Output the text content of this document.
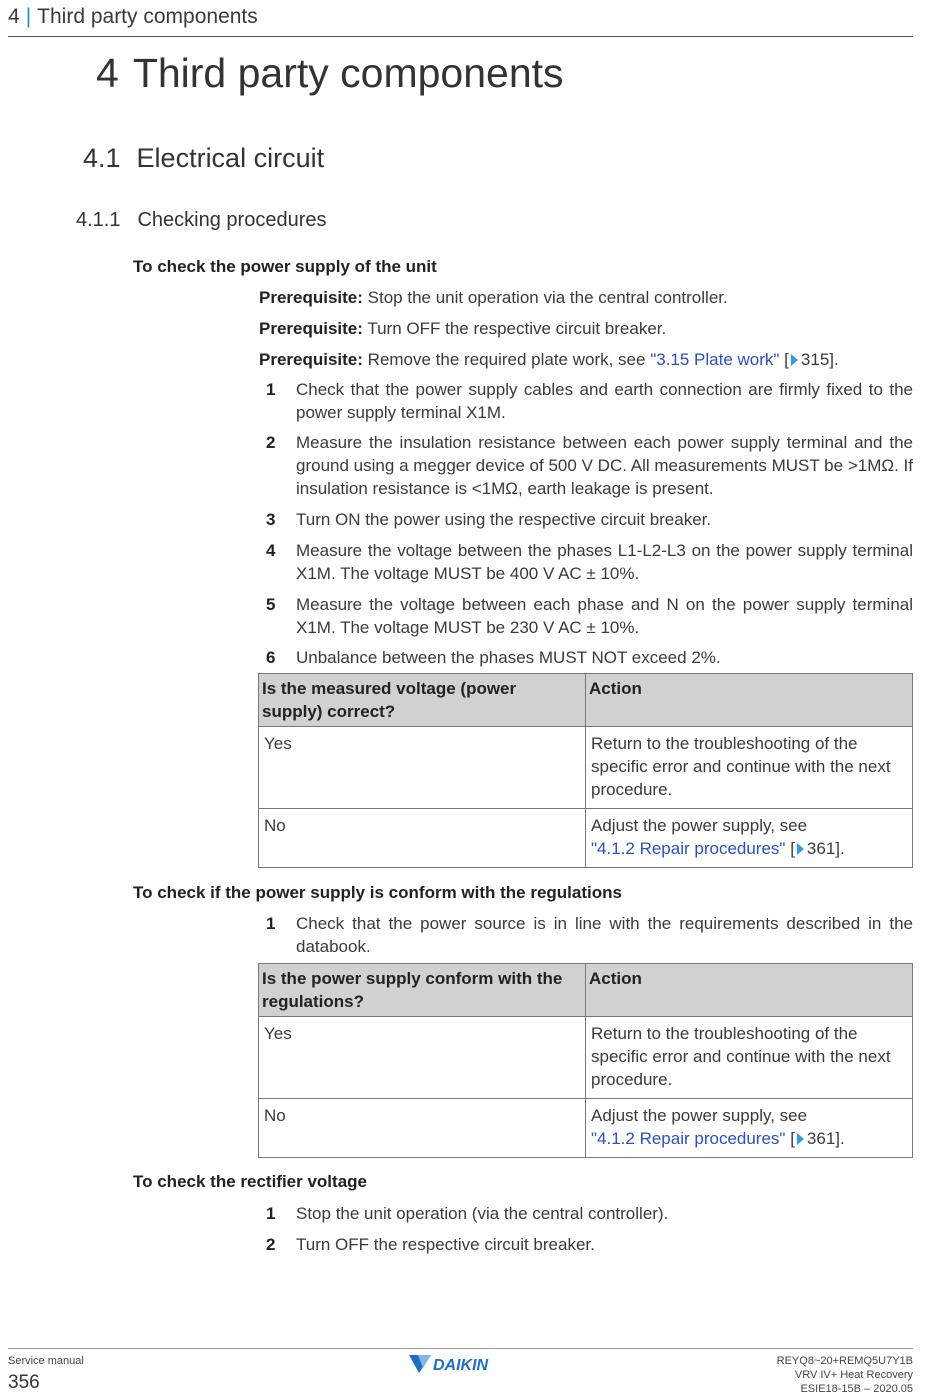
4 | Third party components
4 Third party components
4.1 Electrical circuit
4.1.1 Checking procedures
To check the power supply of the unit
Prerequisite: Stop the unit operation via the central controller.
Prerequisite: Turn OFF the respective circuit breaker.
Prerequisite: Remove the required plate work, see "3.15 Plate work" [ 315].
1 Check that the power supply cables and earth connection are firmly fixed to the power supply terminal X1M.
2 Measure the insulation resistance between each power supply terminal and the ground using a megger device of 500 V DC. All measurements MUST be >1MΩ. If insulation resistance is <1MΩ, earth leakage is present.
3 Turn ON the power using the respective circuit breaker.
4 Measure the voltage between the phases L1-L2-L3 on the power supply terminal X1M. The voltage MUST be 400 V AC ± 10%.
5 Measure the voltage between each phase and N on the power supply terminal X1M. The voltage MUST be 230 V AC ± 10%.
6 Unbalance between the phases MUST NOT exceed 2%.
Is the measured voltage (power supply) correct?	Action
Yes	Return to the troubleshooting of the specific error and continue with the next procedure.
No	Adjust the power supply, see
"4.1.2 Repair procedures" [ 361].
To check if the power supply is conform with the regulations
1 Check that the power source is in line with the requirements described in the databook.
Is the power supply conform with the regulations?	Action
Yes	Return to the troubleshooting of the specific error and continue with the next procedure.
No	Adjust the power supply, see
"4.1.2 Repair procedures" [ 361].
To check the rectifier voltage
1 Stop the unit operation (via the central controller).
2 Turn OFF the respective circuit breaker.
Service manual
356
DAIKIN	REYQ8~20+REMQ5U7Y1B
VRV IV+ Heat Recovery
ESIE18-15B – 2020.05
